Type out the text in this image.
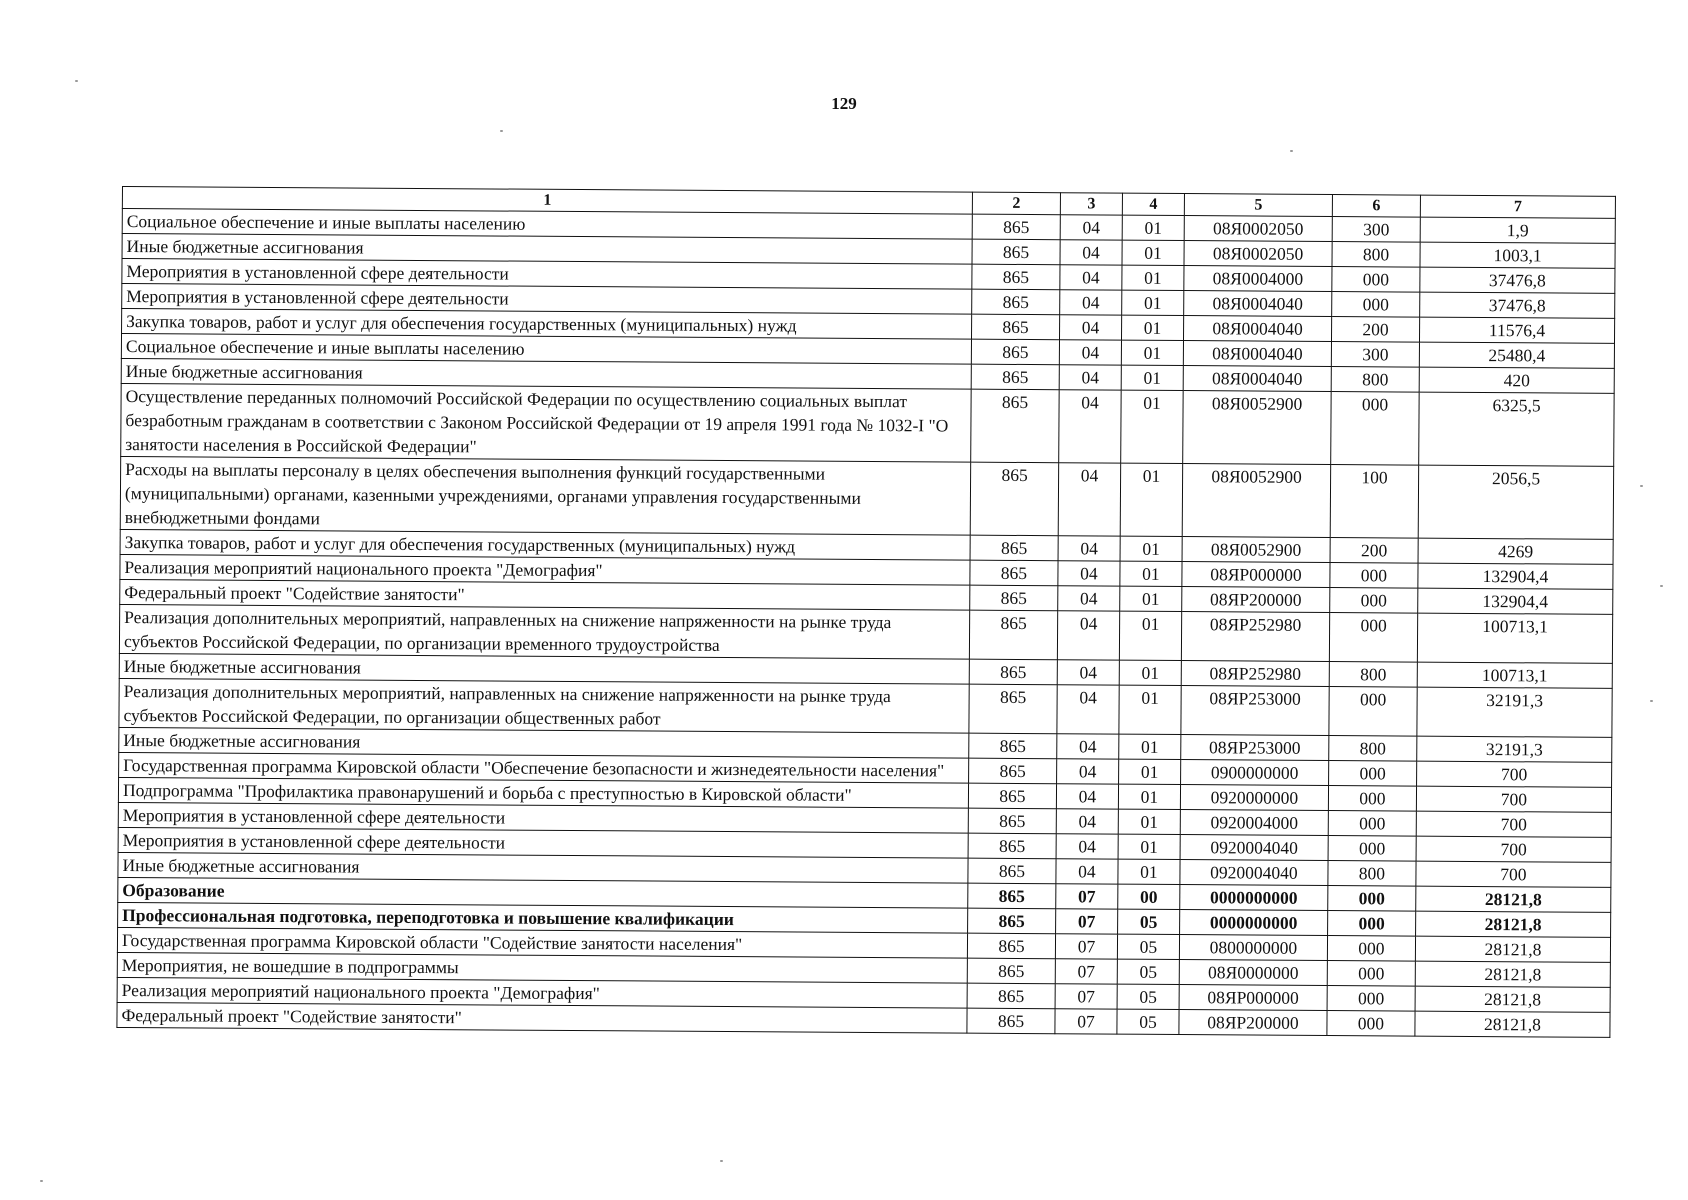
129
1	2	3	4	5	6	7
Социальное обеспечение и иные выплаты населению	865	04	01	08Я0002050	300	1,9
Иные бюджетные ассигнования	865	04	01	08Я0002050	800	1003,1
Мероприятия в установленной сфере деятельности	865	04	01	08Я0004000	000	37476,8
Мероприятия в установленной сфере деятельности	865	04	01	08Я0004040	000	37476,8
Закупка товаров, работ и услуг для обеспечения государственных (муниципальных) нужд	865	04	01	08Я0004040	200	11576,4
Социальное обеспечение и иные выплаты населению	865	04	01	08Я0004040	300	25480,4
Иные бюджетные ассигнования	865	04	01	08Я0004040	800	420
Осуществление переданных полномочий Российской Федерации по осуществлению социальных выплат безработным гражданам в соответствии с Законом Российской Федерации от 19 апреля 1991 года № 1032-I "О занятости населения в Российской Федерации"	865	04	01	08Я0052900	000	6325,5
Расходы на выплаты персоналу в целях обеспечения выполнения функций государственными (муниципальными) органами, казенными учреждениями, органами управления государственными внебюджетными фондами	865	04	01	08Я0052900	100	2056,5
Закупка товаров, работ и услуг для обеспечения государственных (муниципальных) нужд	865	04	01	08Я0052900	200	4269
Реализация мероприятий национального проекта "Демография"	865	04	01	08ЯP000000	000	132904,4
Федеральный проект "Содействие занятости"	865	04	01	08ЯP200000	000	132904,4
Реализация дополнительных мероприятий, направленных на снижение напряженности на рынке труда субъектов Российской Федерации, по организации временного трудоустройства	865	04	01	08ЯP252980	000	100713,1
Иные бюджетные ассигнования	865	04	01	08ЯP252980	800	100713,1
Реализация дополнительных мероприятий, направленных на снижение напряженности на рынке труда субъектов Российской Федерации, по организации общественных работ	865	04	01	08ЯP253000	000	32191,3
Иные бюджетные ассигнования	865	04	01	08ЯP253000	800	32191,3
Государственная программа Кировской области "Обеспечение безопасности и жизнедеятельности населения"	865	04	01	0900000000	000	700
Подпрограмма "Профилактика правонарушений и борьба с преступностью в Кировской области"	865	04	01	0920000000	000	700
Мероприятия в установленной сфере деятельности	865	04	01	0920004000	000	700
Мероприятия в установленной сфере деятельности	865	04	01	0920004040	000	700
Иные бюджетные ассигнования	865	04	01	0920004040	800	700
Образование	865	07	00	0000000000	000	28121,8
Профессиональная подготовка, переподготовка и повышение квалификации	865	07	05	0000000000	000	28121,8
Государственная программа Кировской области "Содействие занятости населения"	865	07	05	0800000000	000	28121,8
Мероприятия, не вошедшие в подпрограммы	865	07	05	08Я0000000	000	28121,8
Реализация мероприятий национального проекта "Демография"	865	07	05	08ЯP000000	000	28121,8
Федеральный проект "Содействие занятости"	865	07	05	08ЯP200000	000	28121,8
